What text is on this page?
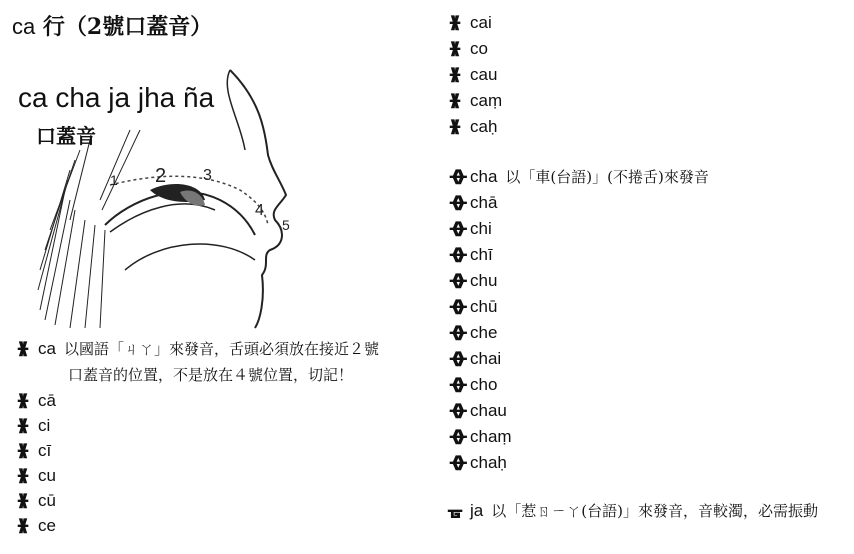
ca 行（2號口蓋音）
1 2 3
4
5
ca cha ja jha ña
口蓋音
ᚕ ca 以國語「ㄐㄚ」來發音，舌頭必須放在接近２號
口蓋音的位置，不是放在４號位置，切記！
ᚕ cā
ᚕ ci
ᚕ cī
ᚕ cu
ᚕ cū
ᚕ ce
ᚕ cai
ᚕ co
ᚕ cau
ᚕ caṃ
ᚕ caḥ
ᚖ cha 以「車(台語)」(不捲舌)來發音
ᚖ chā
ᚖ chi
ᚖ chī
ᚖ chu
ᚖ chū
ᚖ che
ᚖ chai
ᚖ cho
ᚖ chau
ᚖ chaṃ
ᚖ chaḥ
ᚗ ja 以「惹ㄖㄧㄚ(台語)」來發音，音較濁，必需振動
